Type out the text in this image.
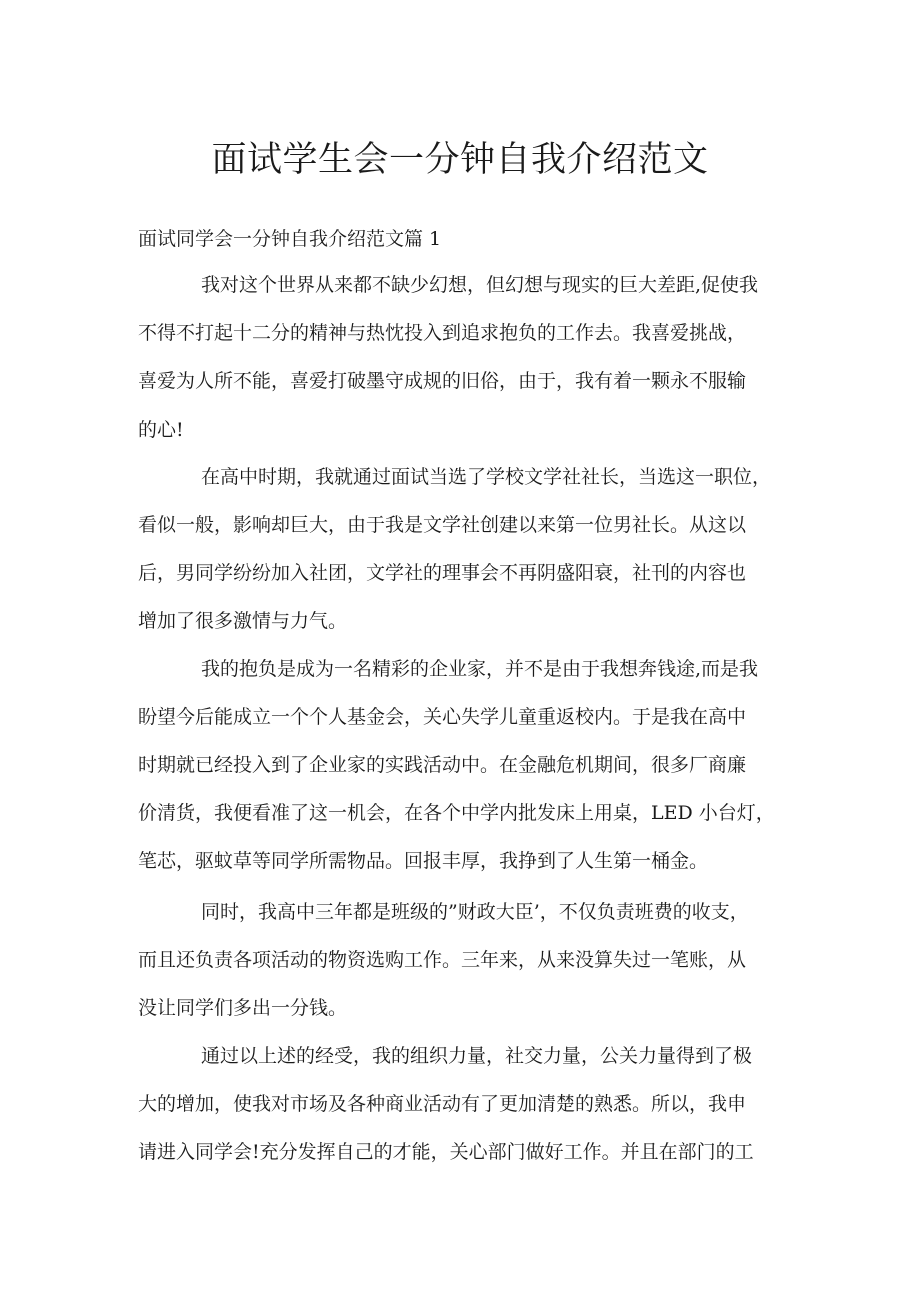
面试学生会一分钟自我介绍范文

面试同学会一分钟自我介绍范文篇 1

我对这个世界从来都不缺少幻想，但幻想与现实的巨大差距,促使我

不得不打起十二分的精神与热忱投入到追求抱负的工作去。我喜爱挑战，

喜爱为人所不能，喜爱打破墨守成规的旧俗，由于，我有着一颗永不服输

的心!

在高中时期，我就通过面试当选了学校文学社社长，当选这一职位，

看似一般，影响却巨大，由于我是文学社创建以来第一位男社长。从这以

后，男同学纷纷加入社团，文学社的理事会不再阴盛阳衰，社刊的内容也

增加了很多激情与力气。

我的抱负是成为一名精彩的企业家，并不是由于我想奔钱途,而是我

盼望今后能成立一个个人基金会，关心失学儿童重返校内。于是我在高中

时期就已经投入到了企业家的实践活动中。在金融危机期间，很多厂商廉

价清货，我便看准了这一机会，在各个中学内批发床上用桌，LED 小台灯，

笔芯，驱蚊草等同学所需物品。回报丰厚，我挣到了人生第一桶金。

同时，我高中三年都是班级的”财政大臣’，不仅负责班费的收支，

而且还负责各项活动的物资选购工作。三年来，从来没算失过一笔账，从

没让同学们多出一分钱。

通过以上述的经受，我的组织力量，社交力量，公关力量得到了极

大的增加，使我对市场及各种商业活动有了更加清楚的熟悉。所以，我申

请进入同学会!充分发挥自己的才能，关心部门做好工作。并且在部门的工
